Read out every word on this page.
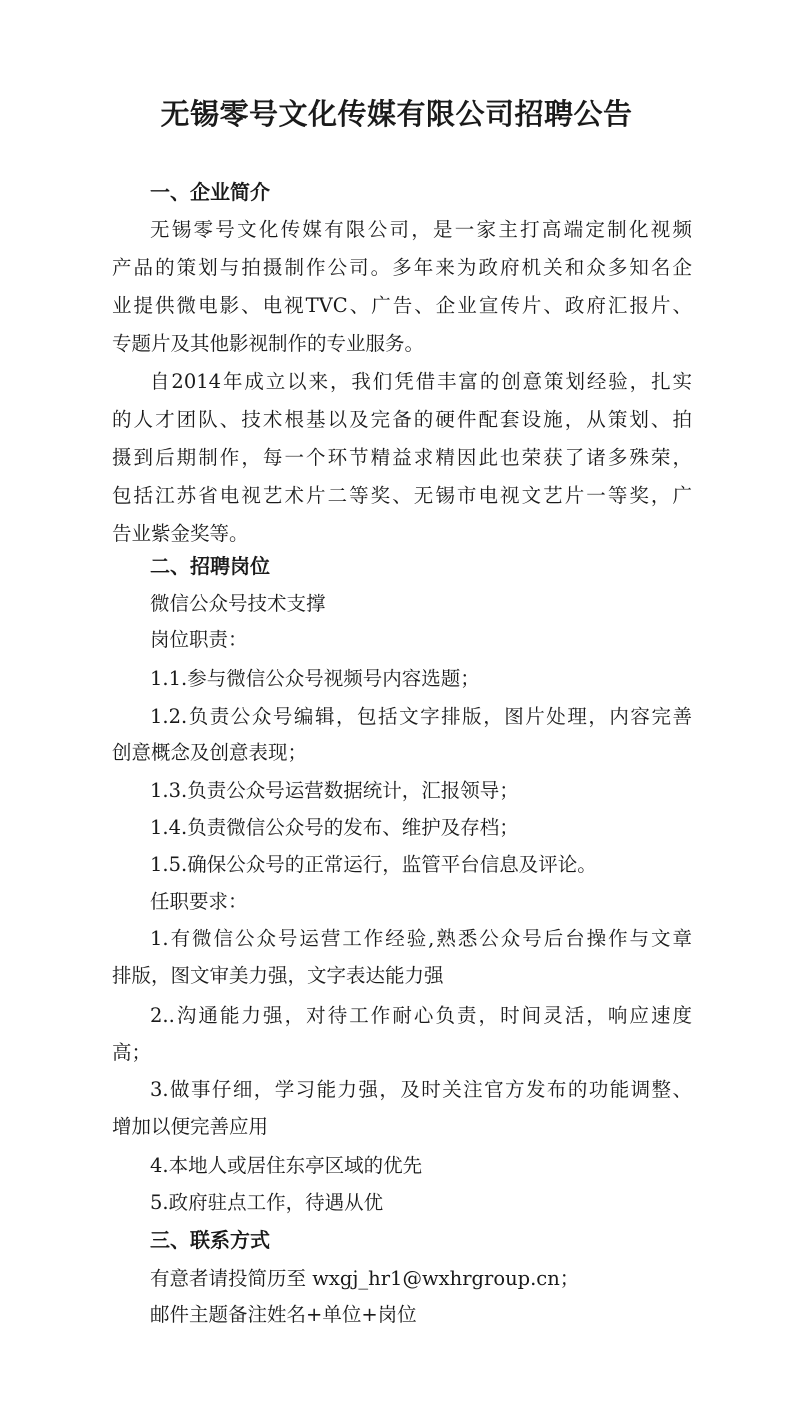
无锡零号文化传媒有限公司招聘公告
一、企业简介
无锡零号文化传媒有限公司，是一家主打高端定制化视频
产品的策划与拍摄制作公司。多年来为政府机关和众多知名企
业提供微电影、电视TVC、广告、企业宣传片、政府汇报片、
专题片及其他影视制作的专业服务。
自2014年成立以来，我们凭借丰富的创意策划经验，扎实
的人才团队、技术根基以及完备的硬件配套设施，从策划、拍
摄到后期制作，每一个环节精益求精因此也荣获了诸多殊荣，
包括江苏省电视艺术片二等奖、无锡市电视文艺片一等奖，广
告业紫金奖等。
二、招聘岗位
微信公众号技术支撑
岗位职责：
1.1.参与微信公众号视频号内容选题；
1.2.负责公众号编辑，包括文字排版，图片处理，内容完善
创意概念及创意表现；
1.3.负责公众号运营数据统计，汇报领导；
1.4.负责微信公众号的发布、维护及存档；
1.5.确保公众号的正常运行，监管平台信息及评论。
任职要求：
1.有微信公众号运营工作经验,熟悉公众号后台操作与文章
排版，图文审美力强，文字表达能力强
2..沟通能力强，对待工作耐心负责，时间灵活，响应速度
高；
3.做事仔细，学习能力强，及时关注官方发布的功能调整、
增加以便完善应用
4.本地人或居住东亭区域的优先
5.政府驻点工作，待遇从优
三、联系方式
有意者请投简历至 wxgj_hr1@wxhrgroup.cn；
邮件主题备注姓名+单位+岗位
